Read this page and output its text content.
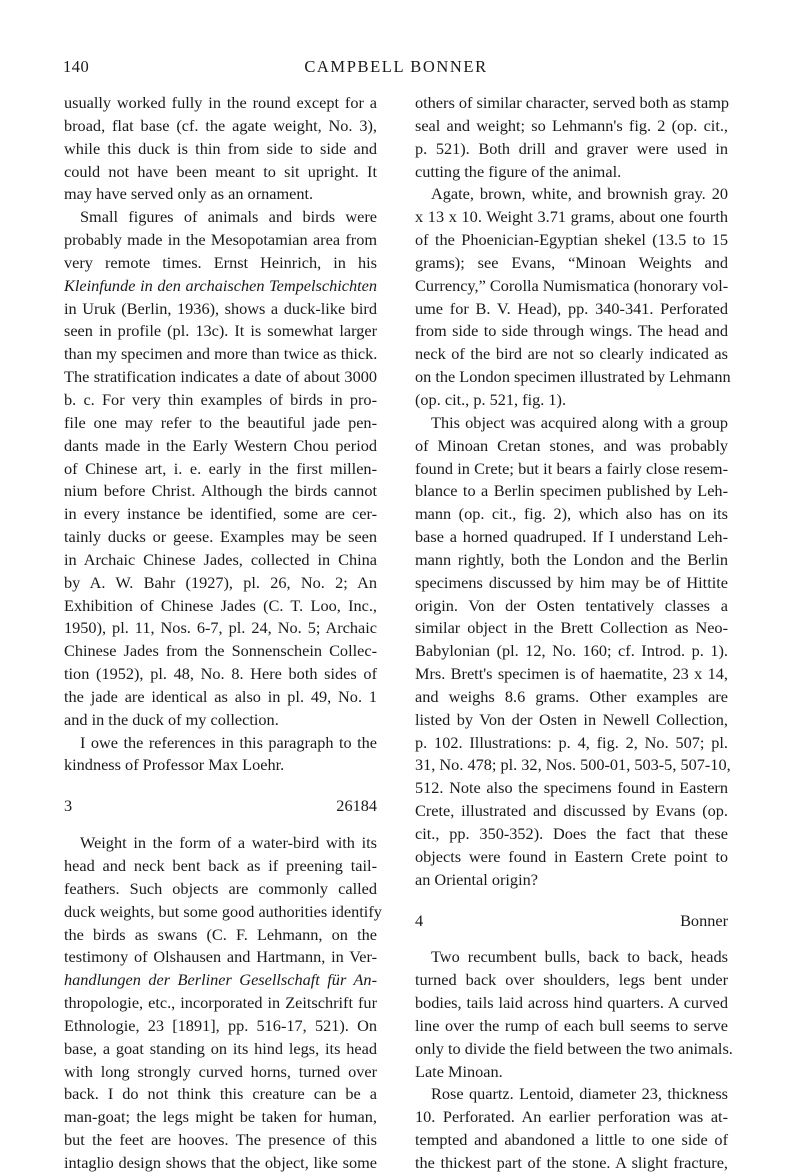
140	CAMPBELL BONNER
usually worked fully in the round except for a
broad, flat base (cf. the agate weight, No. 3),
while this duck is thin from side to side and
could not have been meant to sit upright. It
may have served only as an ornament.
Small figures of animals and birds were
probably made in the Mesopotamian area from
very remote times. Ernst Heinrich, in his
Kleinfunde in den archaischen Tempelschichten
in Uruk (Berlin, 1936), shows a duck-like bird
seen in profile (pl. 13c). It is somewhat larger
than my specimen and more than twice as thick.
The stratification indicates a date of about 3000
b. c. For very thin examples of birds in pro-
file one may refer to the beautiful jade pen-
dants made in the Early Western Chou period
of Chinese art, i. e. early in the first millen-
nium before Christ. Although the birds cannot
in every instance be identified, some are cer-
tainly ducks or geese. Examples may be seen
in Archaic Chinese Jades, collected in China
by A. W. Bahr (1927), pl. 26, No. 2; An
Exhibition of Chinese Jades (C. T. Loo, Inc.,
1950), pl. 11, Nos. 6-7, pl. 24, No. 5; Archaic
Chinese Jades from the Sonnenschein Collec-
tion (1952), pl. 48, No. 8. Here both sides of
the jade are identical as also in pl. 49, No. 1
and in the duck of my collection.
I owe the references in this paragraph to the
kindness of Professor Max Loehr.
3	26184
Weight in the form of a water-bird with its
head and neck bent back as if preening tail-
feathers. Such objects are commonly called
duck weights, but some good authorities identify
the birds as swans (C. F. Lehmann, on the
testimony of Olshausen and Hartmann, in Ver-
handlungen der Berliner Gesellschaft für An-
thropologie, etc., incorporated in Zeitschrift fur
Ethnologie, 23 [1891], pp. 516-17, 521). On
base, a goat standing on its hind legs, its head
with long strongly curved horns, turned over
back. I do not think this creature can be a
man-goat; the legs might be taken for human,
but the feet are hooves. The presence of this
intaglio design shows that the object, like some
others of similar character, served both as stamp
seal and weight; so Lehmann's fig. 2 (op. cit.,
p. 521). Both drill and graver were used in
cutting the figure of the animal.
Agate, brown, white, and brownish gray. 20
x 13 x 10. Weight 3.71 grams, about one fourth
of the Phoenician-Egyptian shekel (13.5 to 15
grams); see Evans, “Minoan Weights and
Currency,” Corolla Numismatica (honorary vol-
ume for B. V. Head), pp. 340-341. Perforated
from side to side through wings. The head and
neck of the bird are not so clearly indicated as
on the London specimen illustrated by Lehmann
(op. cit., p. 521, fig. 1).
This object was acquired along with a group
of Minoan Cretan stones, and was probably
found in Crete; but it bears a fairly close resem-
blance to a Berlin specimen published by Leh-
mann (op. cit., fig. 2), which also has on its
base a horned quadruped. If I understand Leh-
mann rightly, both the London and the Berlin
specimens discussed by him may be of Hittite
origin. Von der Osten tentatively classes a
similar object in the Brett Collection as Neo-
Babylonian (pl. 12, No. 160; cf. Introd. p. 1).
Mrs. Brett's specimen is of haematite, 23 x 14,
and weighs 8.6 grams. Other examples are
listed by Von der Osten in Newell Collection,
p. 102. Illustrations: p. 4, fig. 2, No. 507; pl.
31, No. 478; pl. 32, Nos. 500-01, 503-5, 507-10,
512. Note also the specimens found in Eastern
Crete, illustrated and discussed by Evans (op.
cit., pp. 350-352). Does the fact that these
objects were found in Eastern Crete point to
an Oriental origin?
4	Bonner
Two recumbent bulls, back to back, heads
turned back over shoulders, legs bent under
bodies, tails laid across hind quarters. A curved
line over the rump of each bull seems to serve
only to divide the field between the two animals.
Late Minoan.
Rose quartz. Lentoid, diameter 23, thickness
10. Perforated. An earlier perforation was at-
tempted and abandoned a little to one side of
the thickest part of the stone. A slight fracture,
